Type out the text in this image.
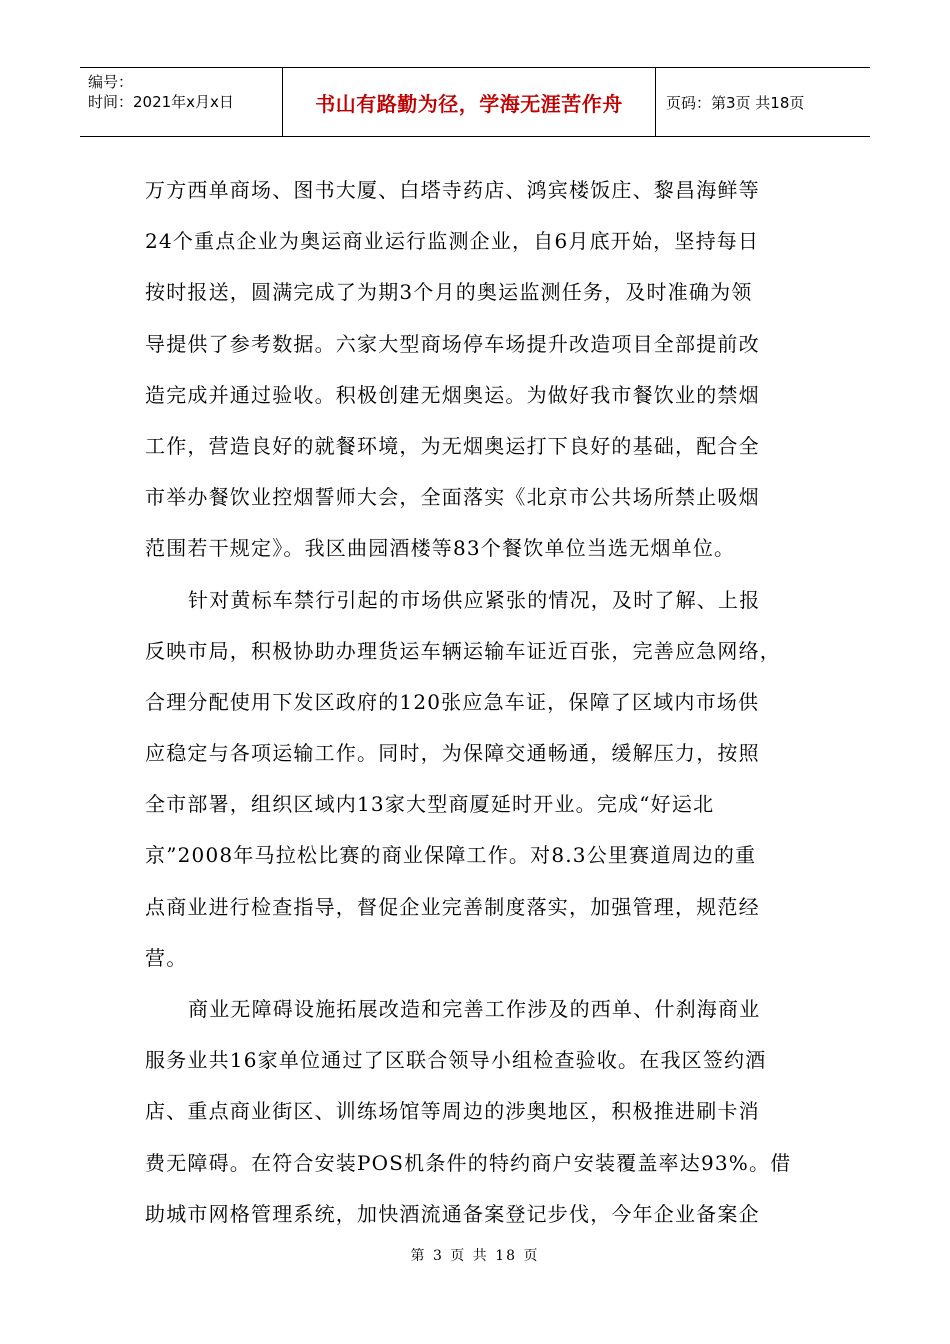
编号：
时间：2021年x月x日	书山有路勤为径，学海无涯苦作舟	页码：第3页 共18页
万方西单商场、图书大厦、白塔寺药店、鸿宾楼饭庄、黎昌海鲜等
24个重点企业为奥运商业运行监测企业，自6月底开始，坚持每日
按时报送，圆满完成了为期3个月的奥运监测任务，及时准确为领
导提供了参考数据。六家大型商场停车场提升改造项目全部提前改
造完成并通过验收。积极创建无烟奥运。为做好我市餐饮业的禁烟
工作，营造良好的就餐环境，为无烟奥运打下良好的基础，配合全
市举办餐饮业控烟誓师大会，全面落实《北京市公共场所禁止吸烟
范围若干规定》。我区曲园酒楼等83个餐饮单位当选无烟单位。
针对黄标车禁行引起的市场供应紧张的情况，及时了解、上报
反映市局，积极协助办理货运车辆运输车证近百张，完善应急网络，
合理分配使用下发区政府的120张应急车证，保障了区域内市场供
应稳定与各项运输工作。同时，为保障交通畅通，缓解压力，按照
全市部署，组织区域内13家大型商厦延时开业。完成“好运北
京”2008年马拉松比赛的商业保障工作。对8.3公里赛道周边的重
点商业进行检查指导，督促企业完善制度落实，加强管理，规范经
营。
商业无障碍设施拓展改造和完善工作涉及的西单、什刹海商业
服务业共16家单位通过了区联合领导小组检查验收。在我区签约酒
店、重点商业街区、训练场馆等周边的涉奥地区，积极推进刷卡消
费无障碍。在符合安装POS机条件的特约商户安装覆盖率达93%。借
助城市网格管理系统，加快酒流通备案登记步伐，今年企业备案企
第 3 页 共 18 页
